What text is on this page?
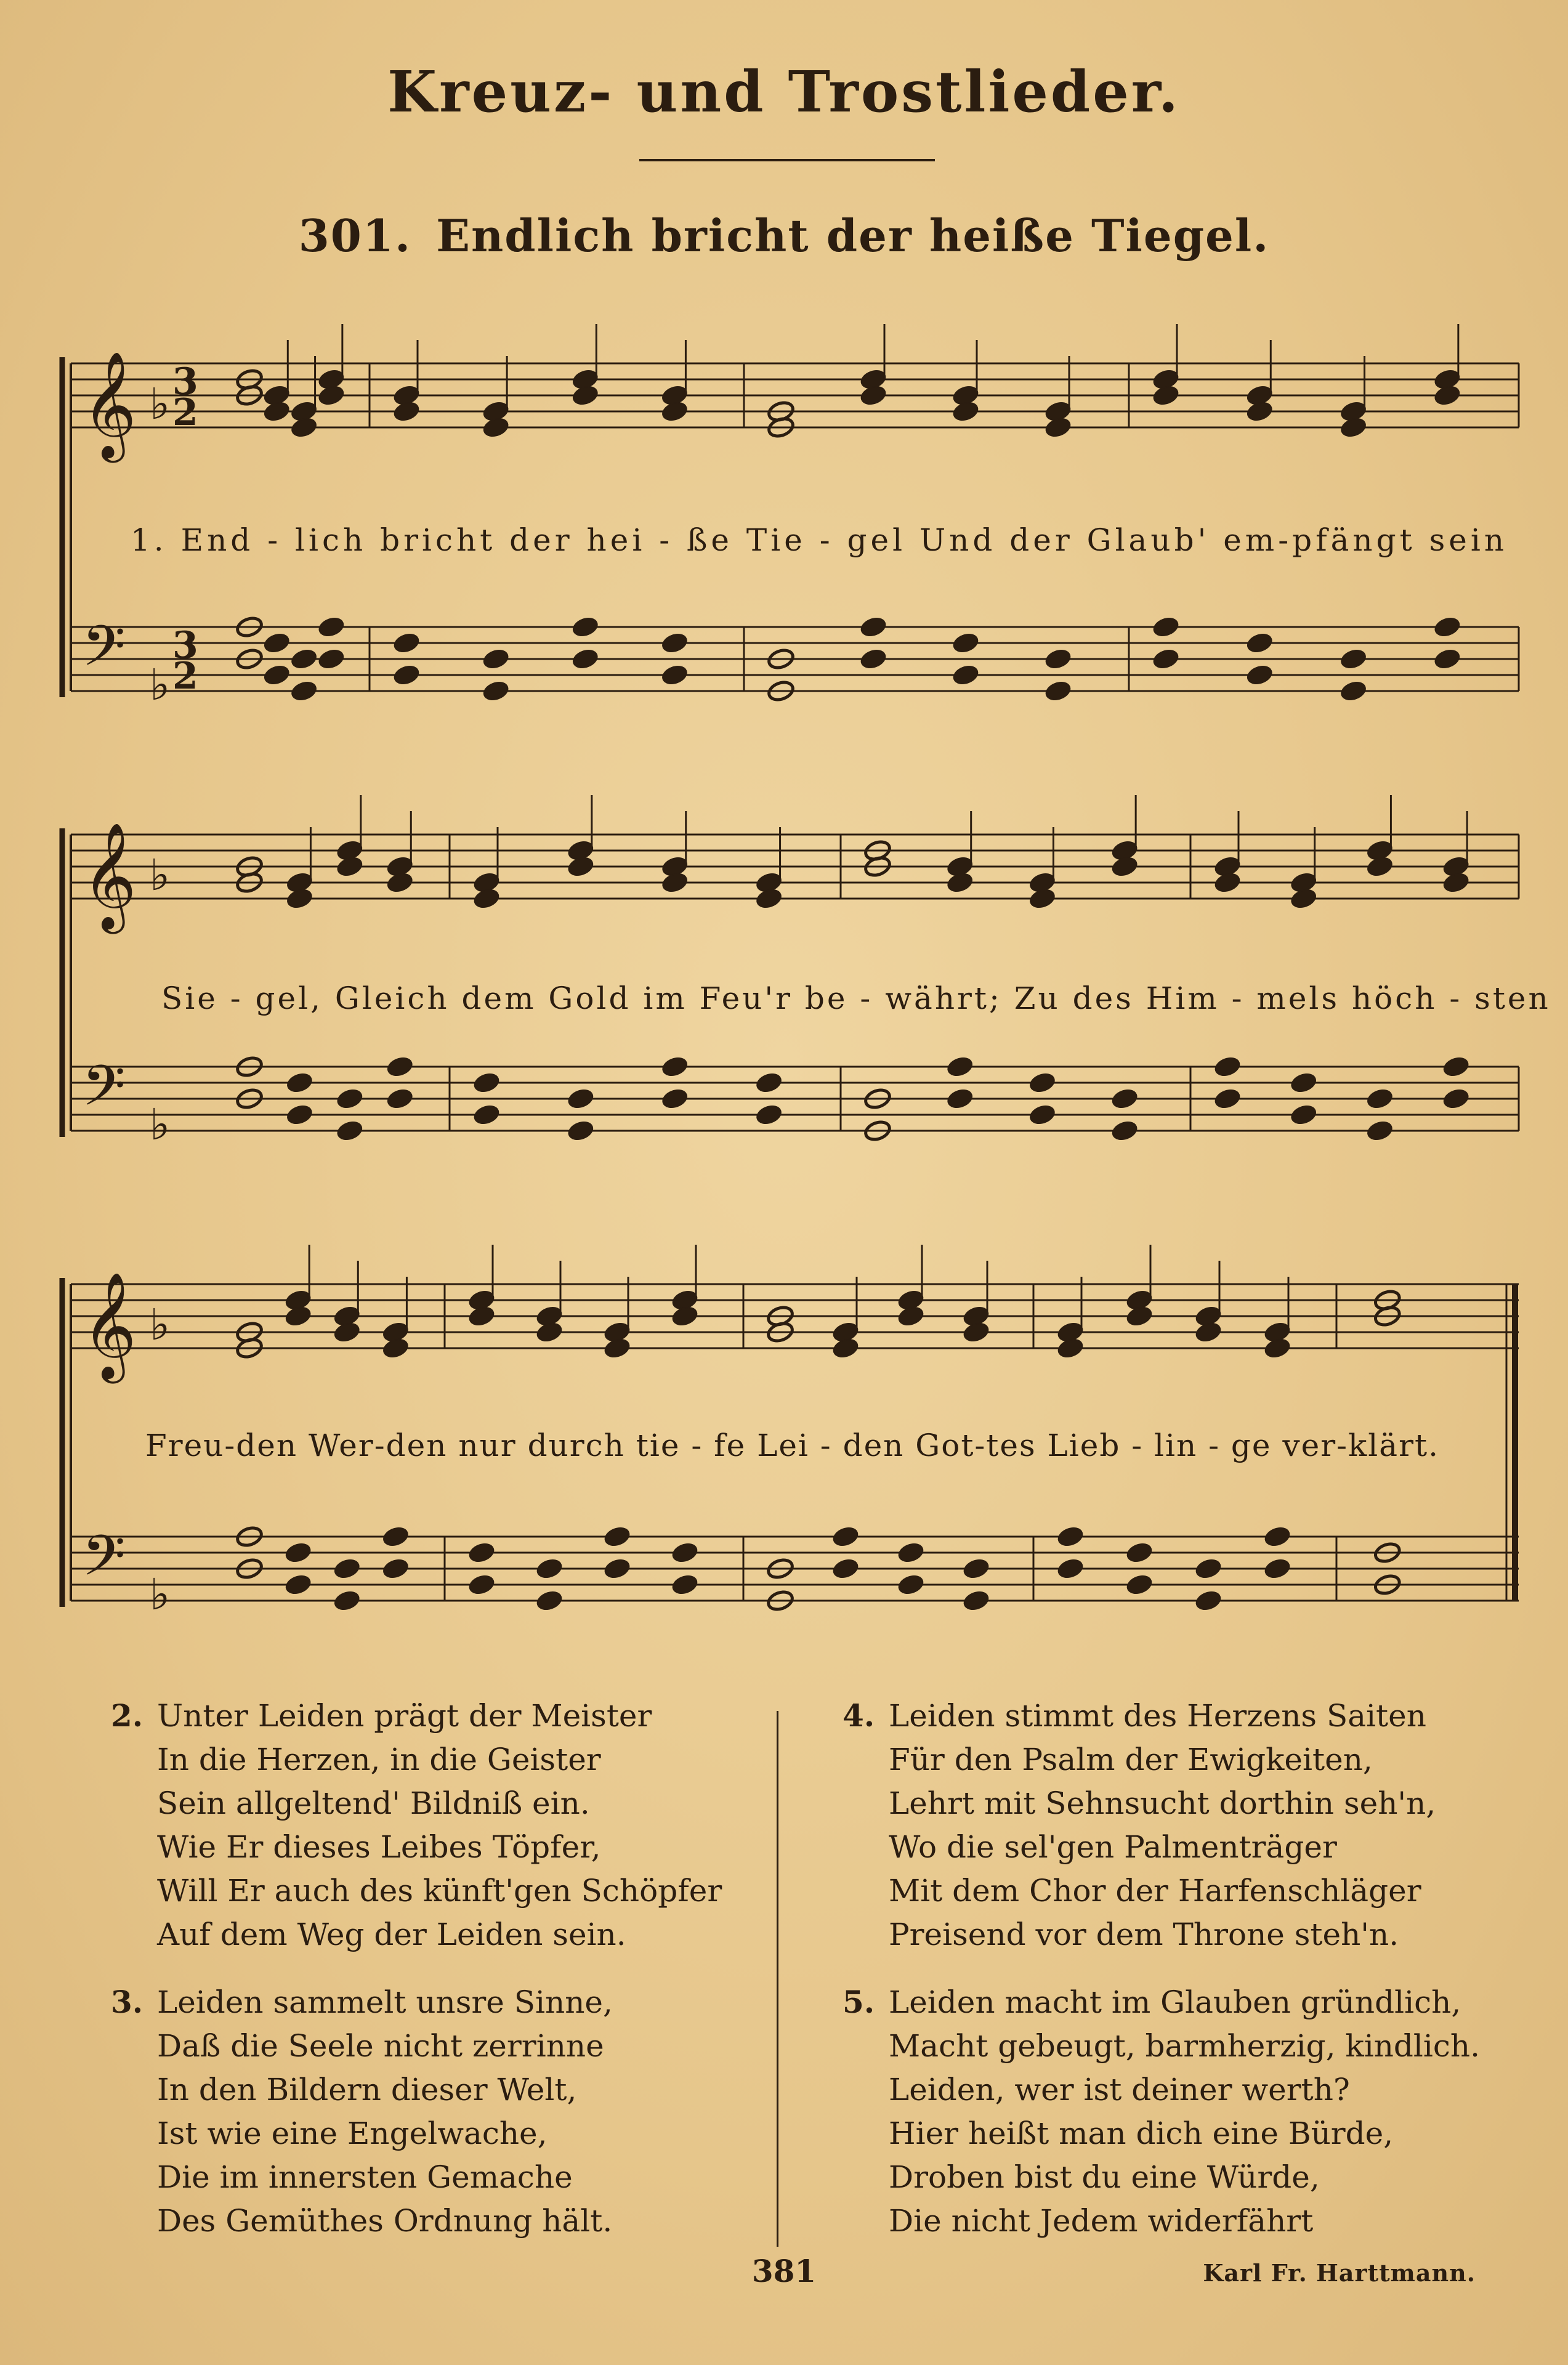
Kreuz- und Trostlieder.
301. Endlich bricht der heiße Tiegel.
𝄞
𝄢
♭
♭
3
3
2
2
𝄞
𝄢
♭
♭
𝄞
𝄢
♭
♭
1. End - lich bricht der hei - ße Tie - gel Und der Glaub' em-pfängt sein
Sie - gel, Gleich dem Gold im Feu'r be - währt; Zu des Him - mels höch - sten
Freu-den Wer-den nur durch tie - fe Lei - den Got-tes Lieb - lin - ge ver-klärt.
2. Unter Leiden prägt der Meister
In die Herzen, in die Geister
Sein allgeltend' Bildniß ein.
Wie Er dieses Leibes Töpfer,
Will Er auch des künft'gen Schöpfer
Auf dem Weg der Leiden sein.
3. Leiden sammelt unsre Sinne,
Daß die Seele nicht zerrinne
In den Bildern dieser Welt,
Ist wie eine Engelwache,
Die im innersten Gemache
Des Gemüthes Ordnung hält.
4. Leiden stimmt des Herzens Saiten
Für den Psalm der Ewigkeiten,
Lehrt mit Sehnsucht dorthin seh'n,
Wo die sel'gen Palmenträger
Mit dem Chor der Harfenschläger
Preisend vor dem Throne steh'n.
5. Leiden macht im Glauben gründlich,
Macht gebeugt, barmherzig, kindlich.
Leiden, wer ist deiner werth?
Hier heißt man dich eine Bürde,
Droben bist du eine Würde,
Die nicht Jedem widerfährt
381	Karl Fr. Harttmann.
